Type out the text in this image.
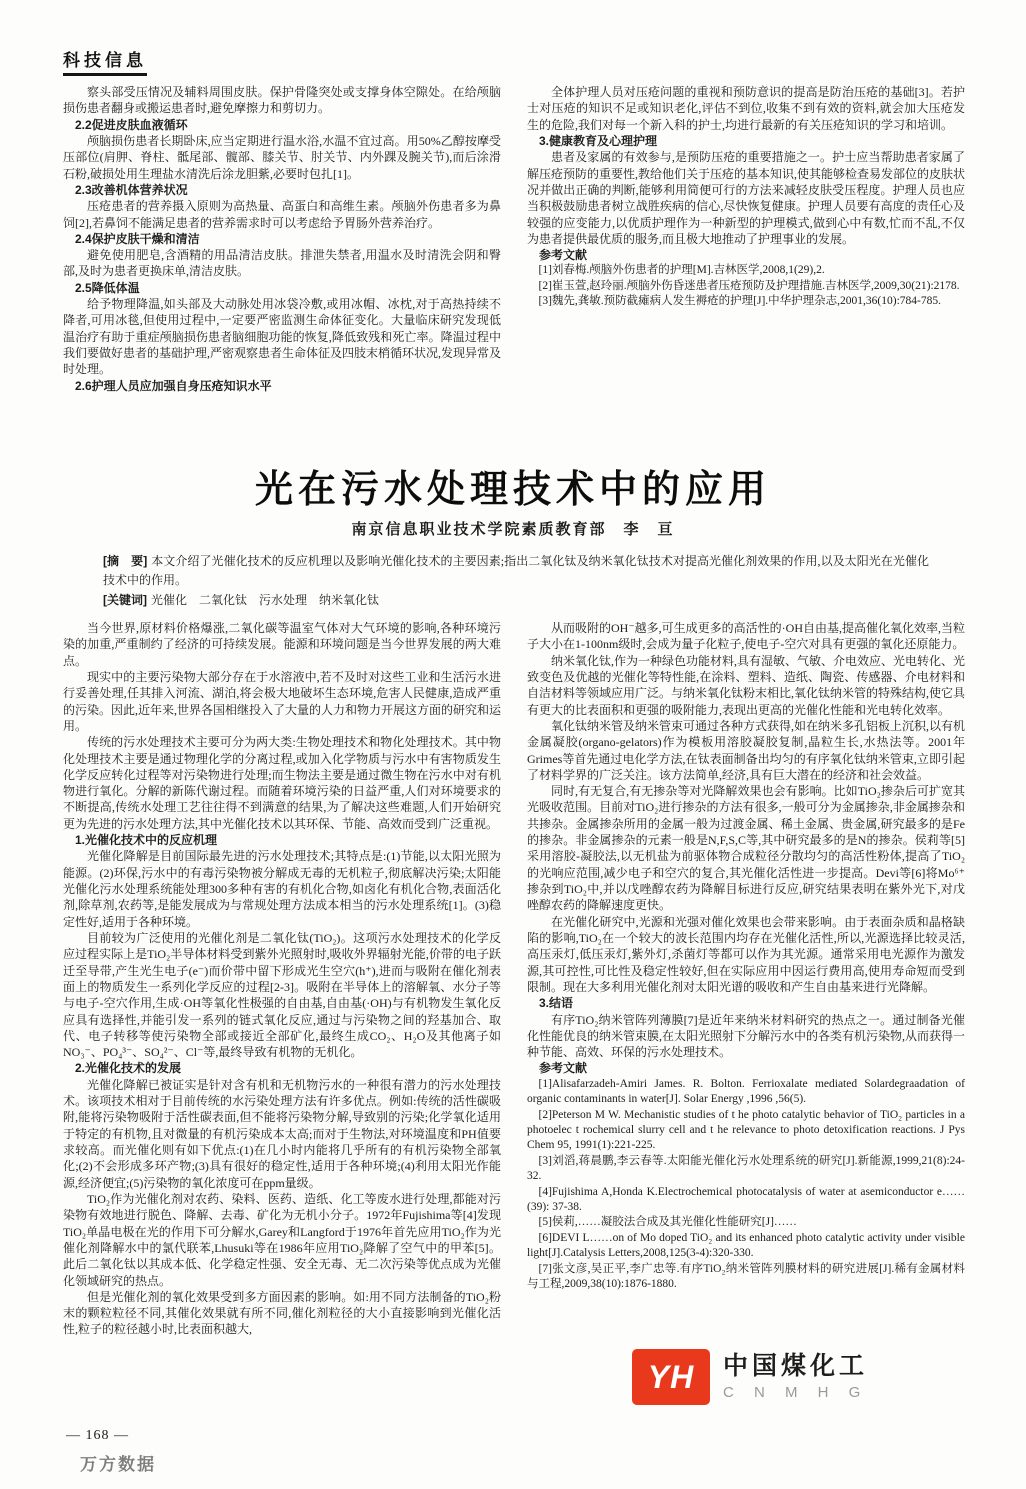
科技信息
察头部受压情况及辅料周围皮肤。保护骨隆突处或支撑身体空隙处。在给颅脑损伤患者翻身或搬运患者时,避免摩擦力和剪切力。
2.2促进皮肤血液循环
颅脑损伤患者长期卧床,应当定期进行温水浴,水温不宜过高。用50%乙醇按摩受压部位(肩胛、脊柱、骶尾部、髋部、膝关节、肘关节、内外踝及腕关节),而后涂滑石粉,破损处用生理盐水清洗后涂龙胆紫,必要时包扎[1]。
2.3改善机体营养状况
压疮患者的营养摄入原则为高热量、高蛋白和高维生素。颅脑外伤患者多为鼻饲[2],若鼻饲不能满足患者的营养需求时可以考虑给予胃肠外营养治疗。
2.4保护皮肤干燥和清洁
避免使用肥皂,含酒精的用品清洁皮肤。排泄失禁者,用温水及时清洗会阴和臀部,及时为患者更换床单,清洁皮肤。
2.5降低体温
给予物理降温,如头部及大动脉处用冰袋冷敷,或用冰帽、冰枕,对于高热持续不降者,可用冰毯,但使用过程中,一定要严密监测生命体征变化。大量临床研究发现低温治疗有助于重症颅脑损伤患者脑细胞功能的恢复,降低致残和死亡率。降温过程中我们要做好患者的基础护理,严密观察患者生命体征及四肢末梢循环状况,发现异常及时处理。
2.6护理人员应加强自身压疮知识水平
全体护理人员对压疮问题的重视和预防意识的提高是防治压疮的基础[3]。若护士对压疮的知识不足或知识老化,评估不到位,收集不到有效的资料,就会加大压疮发生的危险,我们对每一个新入科的护士,均进行最新的有关压疮知识的学习和培训。
3.健康教育及心理护理
患者及家属的有效参与,是预防压疮的重要措施之一。护士应当帮助患者家属了解压疮预防的重要性,教给他们关于压疮的基本知识,使其能够检查易发部位的皮肤状况并做出正确的判断,能够利用简便可行的方法来减轻皮肤受压程度。护理人员也应当积极鼓励患者树立战胜疾病的信心,尽快恢复健康。护理人员要有高度的责任心及较强的应变能力,以优质护理作为一种新型的护理模式,做到心中有数,忙而不乱,不仅为患者提供最优质的服务,而且极大地推动了护理事业的发展。
参考文献
[1]刘春梅.颅脑外伤患者的护理[M].吉林医学,2008,1(29),2.
[2]崔玉萱,赵玲丽.颅脑外伤昏迷患者压疮预防及护理措施.吉林医学,2009,30(21):2178.
[3]魏先,龚敏.预防截瘫病人发生褥疮的护理[J].中华护理杂志,2001,36(10):784-785.
光在污水处理技术中的应用
南京信息职业技术学院素质教育部　李　亘
[摘　要] 本文介绍了光催化技术的反应机理以及影响光催化技术的主要因素;指出二氧化钛及纳米氧化钛技术对提高光催化剂效果的作用,以及太阳光在光催化技术中的作用。
[关键词] 光催化　二氧化钛　污水处理　纳米氧化钛
当今世界,原材料价格爆涨,二氧化碳等温室气体对大气环境的影响,各种环境污染的加重,严重制约了经济的可持续发展。能源和环境问题是当今世界发展的两大难点。
现实中的主要污染物大部分存在于水溶液中,若不及时对这些工业和生活污水进行妥善处理,任其排入河流、湖泊,将会极大地破坏生态环境,危害人民健康,造成严重的污染。因此,近年来,世界各国相继投入了大量的人力和物力开展这方面的研究和运用。
传统的污水处理技术主要可分为两大类:生物处理技术和物化处理技术。其中物化处理技术主要是通过物理化学的分离过程,或加入化学物质与污水中有害物质发生化学反应转化过程等对污染物进行处理;而生物法主要是通过微生物在污水中对有机物进行氧化。分解的新陈代谢过程。而随着环境污染的日益严重,人们对环境要求的不断提高,传统水处理工艺往往得不到满意的结果,为了解决这些难题,人们开始研究更为先进的污水处理方法,其中光催化技术以其环保、节能、高效而受到广泛重视。
1.光催化技术中的反应机理
光催化降解是目前国际最先进的污水处理技术;其特点是:(1)节能,以太阳光照为能源。(2)环保,污水中的有毒污染物被分解成无毒的无机粒子,彻底解决污染;太阳能光催化污水处理系统能处理300多种有害的有机化合物,如卤化有机化合物,表面活化剂,除草剂,农药等,是能发展成为与常规处理方法成本相当的污水处理系统[1]。(3)稳定性好,适用于各种环境。
目前较为广泛使用的光催化剂是二氧化钛(TiO₂)。这项污水处理技术的化学反应过程实际上是TiO₂半导体材料受到紫外光照射时,吸收外界辐射光能,价带的电子跃迁至导带,产生光生电子(e⁻)而价带中留下形成光生空穴(h⁺),进而与吸附在催化剂表面上的物质发生一系列化学反应的过程[2-3]。吸附在半导体上的溶解氧、水分子等与电子-空穴作用,生成·OH等氧化性极强的自由基,自由基(·OH)与有机物发生氧化反应具有选择性,并能引发一系列的链式氧化反应,通过与污染物之间的羟基加合、取代、电子转移等使污染物全部或接近全部矿化,最终生成CO₂、H₂O及其他离子如NO₃⁻、PO₄³⁻、SO₄²⁻、Cl⁻等,最终导致有机物的无机化。
2.光催化技术的发展
光催化降解已被证实是针对含有机和无机物污水的一种很有潜力的污水处理技术。该项技术相对于目前传统的水污染处理方法有许多优点。例如:传统的活性碳吸附,能将污染物吸附于活性碳表面,但不能将污染物分解,导致别的污染;化学氧化适用于特定的有机物,且对微量的有机污染成本太高;而对于生物法,对环境温度和PH值要求较高。而光催化则有如下优点:(1)在几小时内能将几乎所有的有机污染物全部氧化;(2)不会形成多环产物;(3)具有很好的稳定性,适用于各种环境;(4)利用太阳光作能源,经济便宜;(5)污染物的氧化浓度可在ppm量级。
TiO₂作为光催化剂对农药、染料、医药、造纸、化工等废水进行处理,都能对污染物有效地进行脱色、降解、去毒、矿化为无机小分子。1972年Fujishima等[4]发现TiO₂单晶电极在光的作用下可分解水,Garey和Langford于1976年首先应用TiO₂作为光催化剂降解水中的氯代联苯,Lhusuki等在1986年应用TiO₂降解了空气中的甲苯[5]。此后二氧化钛以其成本低、化学稳定性强、安全无毒、无二次污染等优点成为光催化领域研究的热点。
但是光催化剂的氧化效果受到多方面因素的影响。如:用不同方法制备的TiO₂粉末的颗粒粒径不同,其催化效果就有所不同,催化剂粒径的大小直接影响到光催化活性,粒子的粒径越小时,比表面积越大,
从而吸附的OH⁻越多,可生成更多的高活性的·OH自由基,提高催化氧化效率,当粒子大小在1-100nm级时,会成为量子化粒子,使电子-空穴对具有更强的氧化还原能力。
纳米氧化钛,作为一种绿色功能材料,具有湿敏、气敏、介电效应、光电转化、光致变色及优越的光催化等特性能,在涂料、塑料、造纸、陶瓷、传感器、介电材料和自洁材料等领域应用广泛。与纳米氧化钛粉末相比,氧化钛纳米管的特殊结构,使它具有更大的比表面积和更强的吸附能力,表现出更高的光催化性能和光电转化效率。
氧化钛纳米管及纳米管束可通过各种方式获得,如在纳米多孔铝板上沉积,以有机金属凝胶(organo-gelators)作为模板用溶胶凝胶复制,晶粒生长,水热法等。2001年Grimes等首先通过电化学方法,在钛表面制备出均匀的有序氧化钛纳米管束,立即引起了材料学界的广泛关注。该方法简单,经济,具有巨大潜在的经济和社会效益。
同时,有无复合,有无掺杂等对光降解效果也会有影响。比如TiO₂掺杂后可扩宽其光吸收范围。目前对TiO₂进行掺杂的方法有很多,一般可分为金属掺杂,非金属掺杂和共掺杂。金属掺杂所用的金属一般为过渡金属、稀土金属、贵金属,研究最多的是Fe的掺杂。非金属掺杂的元素一般是N,F,S,C等,其中研究最多的是N的掺杂。侯莉等[5]采用溶胶-凝胶法,以无机盐为前驱体物合成粒径分散均匀的高活性粉体,提高了TiO₂的光响应范围,减少电子和空穴的复合,其光催化活性进一步提高。Devi等[6]将Mo⁶⁺掺杂到TiO₂中,并以戊唑醇农药为降解目标进行反应,研究结果表明在紫外光下,对戊唑醇农药的降解速度更快。
在光催化研究中,光源和光强对催化效果也会带来影响。由于表面杂质和晶格缺陷的影响,TiO₂在一个较大的波长范围内均存在光催化活性,所以,光源选择比较灵活,高压汞灯,低压汞灯,紫外灯,杀菌灯等都可以作为其光源。通常采用电光源作为激发源,其可控性,可比性及稳定性较好,但在实际应用中因运行费用高,使用寿命短而受到限制。现在大多利用光催化剂对太阳光谱的吸收和产生自由基来进行光降解。
3.结语
有序TiO₂纳米管阵列薄膜[7]是近年来纳米材料研究的热点之一。通过制备光催化性能优良的纳米管束膜,在太阳光照射下分解污水中的各类有机污染物,从而获得一种节能、高效、环保的污水处理技术。
参考文献
[1]Alisafarzadeh-Amiri James. R. Bolton. Ferrioxalate mediated Solardegraadation of organic contaminants in water[J]. Solar Energy ,1996 ,56(5).
[2]Peterson M W. Mechanistic studies of t he photo catalytic behavior of TiO₂ particles in a photoelec t rochemical slurry cell and t he relevance to photo detoxification reactions. J Pys Chem 95, 1991(1):221-225.
[3]刘滔,蒋晨鹏,李云春等.太阳能光催化污水处理系统的研究[J].新能源,1999,21(8):24-32.
[4]Fujishima A,Honda K.Electrochemical photocatalysis of water at asemiconductor e……(39): 37-38.
[5]侯莉,……凝胶法合成及其光催化性能研究[J]……
[6]DEVI L……on of Mo doped TiO₂ and its enhanced photo catalytic activity under visible light[J].Catalysis Letters,2008,125(3-4):320-330.
[7]张文彦,吴正平,李广忠等.有序TiO₂纳米管阵列膜材料的研究进展[J].稀有金属材料与工程,2009,38(10):1876-1880.
YH	中国煤化工
C N M H G
— 168 —
万方数据
